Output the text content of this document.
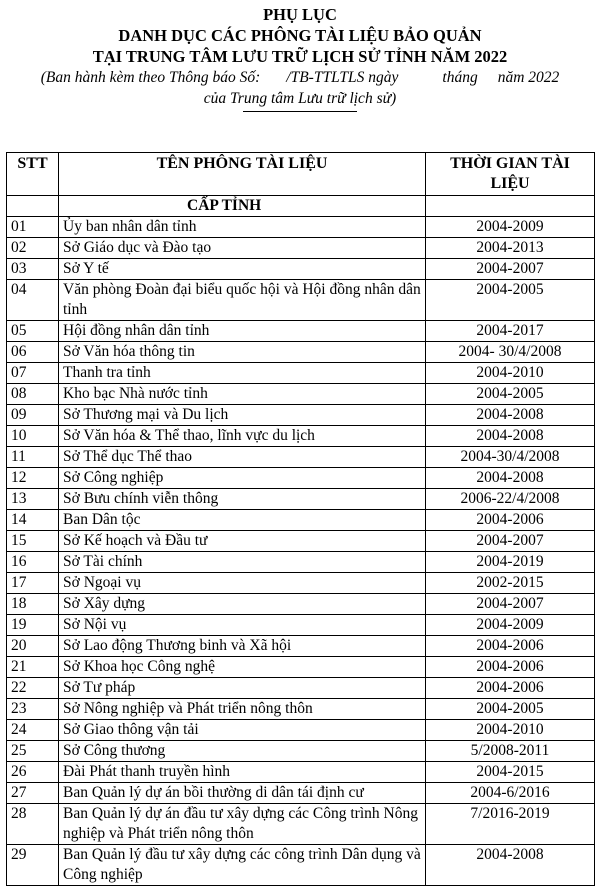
PHỤ LỤC
DANH DỤC CÁC PHÔNG TÀI LIỆU BẢO QUẢN
TẠI TRUNG TÂM LƯU TRỮ LỊCH SỬ TỈNH NĂM 2022
(Ban hành kèm theo Thông báo Số: /TB-TTLTLS ngày	tháng năm 2022
của Trung tâm Lưu trữ lịch sử)
STT	TÊN PHÔNG TÀI LIỆU	THỜI GIAN TÀI LIỆU
	CẤP TỈNH	
01	Ủy ban nhân dân tỉnh	2004-2009
02	Sở Giáo dục và Đào tạo	2004-2013
03	Sở Y tế	2004-2007
04	Văn phòng Đoàn đại biểu quốc hội và Hội đồng nhân dân tỉnh	2004-2005
05	Hội đồng nhân dân tỉnh	2004-2017
06	Sở Văn hóa thông tin	2004- 30/4/2008
07	Thanh tra tỉnh	2004-2010
08	Kho bạc Nhà nước tỉnh	2004-2005
09	Sở Thương mại và Du lịch	2004-2008
10	Sở Văn hóa & Thể thao, lĩnh vực du lịch	2004-2008
11	Sở Thể dục Thể thao	2004-30/4/2008
12	Sở Công nghiệp	2004-2008
13	Sở Bưu chính viễn thông	2006-22/4/2008
14	Ban Dân tộc	2004-2006
15	Sở Kế hoạch và Đầu tư	2004-2007
16	Sở Tài chính	2004-2019
17	Sở Ngoại vụ	2002-2015
18	Sở Xây dựng	2004-2007
19	Sở Nội vụ	2004-2009
20	Sở Lao động Thương binh và Xã hội	2004-2006
21	Sở Khoa học Công nghệ	2004-2006
22	Sở Tư pháp	2004-2006
23	Sở Nông nghiệp và Phát triển nông thôn	2004-2005
24	Sở Giao thông vận tải	2004-2010
25	Sở Công thương	5/2008-2011
26	Đài Phát thanh truyền hình	2004-2015
27	Ban Quản lý dự án bồi thường di dân tái định cư	2004-6/2016
28	Ban Quản lý dự án đầu tư xây dựng các Công trình Nông nghiệp và Phát triển nông thôn	7/2016-2019
29	Ban Quản lý đầu tư xây dựng các công trình Dân dụng và Công nghiệp	2004-2008
